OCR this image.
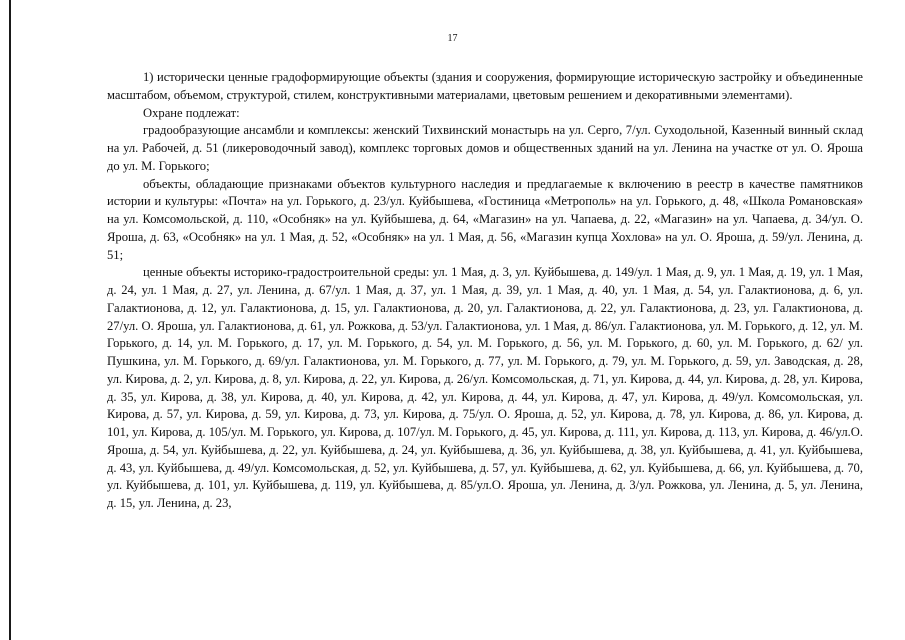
17

1) исторически ценные градоформирующие объекты (здания и сооружения, формирующие историческую застройку и объединенные масштабом, объемом, структурой, стилем, конструктивными материалами, цветовым решением и декоративными элементами).

Охране подлежат:

градообразующие ансамбли и комплексы: женский Тихвинский монастырь на ул. Серго, 7/ул. Суходольной, Казенный винный склад на ул. Рабочей, д. 51 (ликероводочный завод), комплекс торговых домов и общественных зданий на ул. Ленина на участке от ул. О. Яроша до ул. М. Горького;

объекты, обладающие признаками объектов культурного наследия и предлагаемые к включению в реестр в качестве памятников истории и культуры: «Почта» на ул. Горького, д. 23/ул. Куйбышева, «Гостиница «Метрополь» на ул. Горького, д. 48, «Школа Романовская» на ул. Комсомольской, д. 110, «Особняк» на ул. Куйбышева, д. 64, «Магазин» на ул. Чапаева, д. 22, «Магазин» на ул. Чапаева, д. 34/ул. О. Яроша, д. 63, «Особняк» на ул. 1 Мая, д. 52, «Особняк» на ул. 1 Мая, д. 56, «Магазин купца Хохлова» на ул. О. Яроша, д. 59/ул. Ленина, д. 51;

ценные объекты историко-градостроительной среды: ул. 1 Мая, д. 3, ул. Куйбышева, д. 149/ул. 1 Мая, д. 9, ул. 1 Мая, д. 19, ул. 1 Мая, д. 24, ул. 1 Мая, д. 27, ул. Ленина, д. 67/ул. 1 Мая, д. 37, ул. 1 Мая, д. 39, ул. 1 Мая, д. 40, ул. 1 Мая, д. 54, ул. Галактионова, д. 6, ул. Галактионова, д. 12, ул. Галактионова, д. 15, ул. Галактионова, д. 20, ул. Галактионова, д. 22, ул. Галактионова, д. 23, ул. Галактионова, д. 27/ул. О. Яроша, ул. Галактионова, д. 61, ул. Рожкова, д. 53/ул. Галактионова, ул. 1 Мая, д. 86/ул. Галактионова, ул. М. Горького, д. 12, ул. М. Горького, д. 14, ул. М. Горького, д. 17, ул. М. Горького, д. 54, ул. М. Горького, д. 56, ул. М. Горького, д. 60, ул. М. Горького, д. 62/ ул. Пушкина, ул. М. Горького, д. 69/ул. Галактионова, ул. М. Горького, д. 77, ул. М. Горького, д. 79, ул. М. Горького, д. 59, ул. Заводская, д. 28, ул. Кирова, д. 2, ул. Кирова, д. 8, ул. Кирова, д. 22, ул. Кирова, д. 26/ул. Комсомольская, д. 71, ул. Кирова, д. 44, ул. Кирова, д. 28, ул. Кирова, д. 35, ул. Кирова, д. 38, ул. Кирова, д. 40, ул. Кирова, д. 42, ул. Кирова, д. 44, ул. Кирова, д. 47, ул. Кирова, д. 49/ул. Комсомольская, ул. Кирова, д. 57, ул. Кирова, д. 59, ул. Кирова, д. 73, ул. Кирова, д. 75/ул. О. Яроша, д. 52, ул. Кирова, д. 78, ул. Кирова, д. 86, ул. Кирова, д. 101, ул. Кирова, д. 105/ул. М. Горького, ул. Кирова, д. 107/ул. М. Горького, д. 45, ул. Кирова, д. 111, ул. Кирова, д. 113, ул. Кирова, д. 46/ул.О. Яроша, д. 54, ул. Куйбышева, д. 22, ул. Куйбышева, д. 24, ул. Куйбышева, д. 36, ул. Куйбышева, д. 38, ул. Куйбышева, д. 41, ул. Куйбышева, д. 43, ул. Куйбышева, д. 49/ул. Комсомольская, д. 52, ул. Куйбышева, д. 57, ул. Куйбышева, д. 62, ул. Куйбышева, д. 66, ул. Куйбышева, д. 70, ул. Куйбышева, д. 101, ул. Куйбышева, д. 119, ул. Куйбышева, д. 85/ул.О. Яроша, ул. Ленина, д. 3/ул. Рожкова, ул. Ленина, д. 5, ул. Ленина, д. 15, ул. Ленина, д. 23,
